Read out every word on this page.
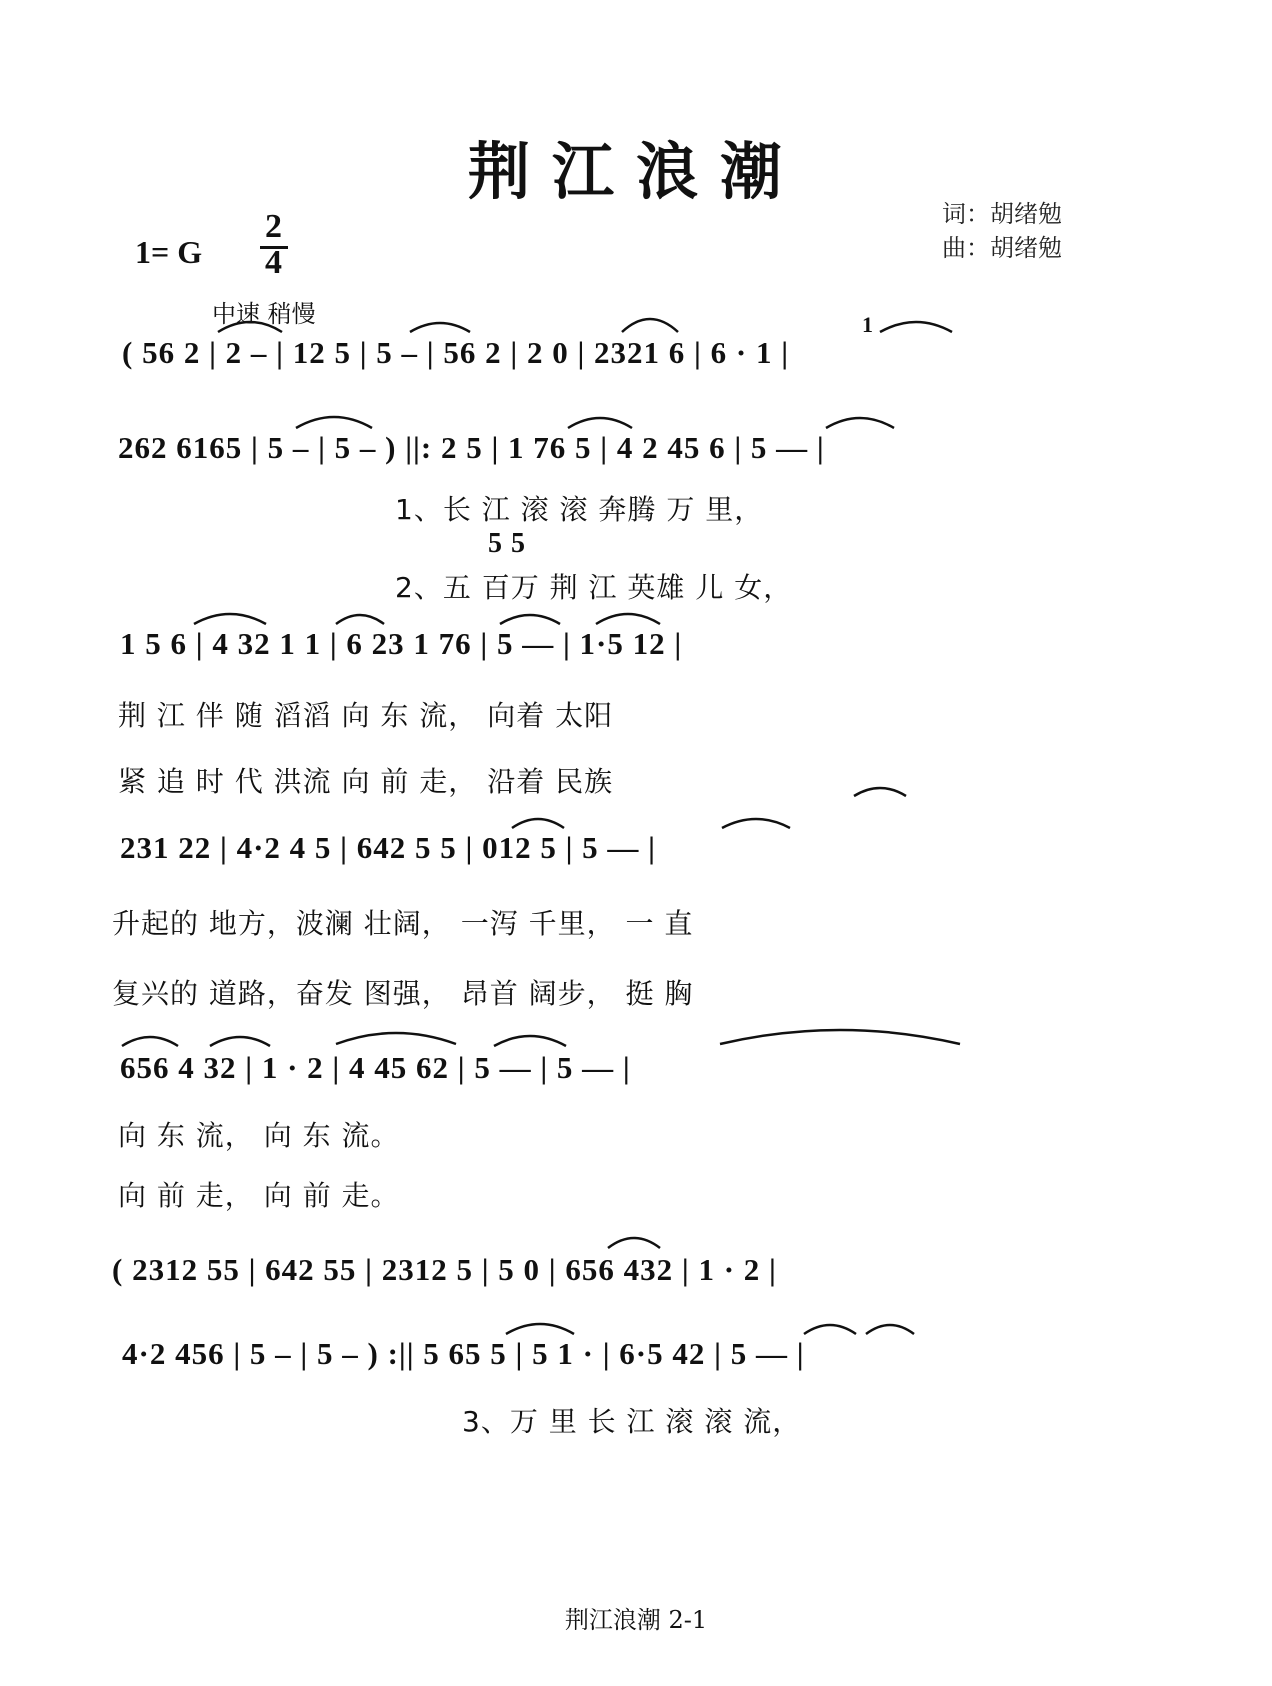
荆江浪潮
词：胡绪勉
曲：胡绪勉
1= G
2
4
中速 稍慢
( 56 2 | 2 – | 12 5 | 5 – | 56 2 | 2 0 | 2321 6 | 6 · 1 |
262 6165 | 5 – | 5 – ) ||: 2 5 | 1 76 5 | 4 2 45 6 | 5 — |
1、长 江 滚 滚 奔腾 万 里，
5 5
2、五 百万 荆 江 英雄 儿 女，
1 5 6 | 4 32 1 1 | 6 23 1 76 | 5 — | 1·5 12 |
荆 江 伴 随 滔滔 向 东 流， 向着 太阳
紧 追 时 代 洪流 向 前 走， 沿着 民族
231 22 | 4·2 4 5 | 642 5 5 | 012 5 | 5 — |
升起的 地方，波澜 壮阔， 一泻 千里， 一 直
复兴的 道路，奋发 图强， 昂首 阔步， 挺 胸
656 4 32 | 1 · 2 | 4 45 62 | 5 — | 5 — |
向 东 流， 向 东 流。
向 前 走， 向 前 走。
( 2312 55 | 642 55 | 2312 5 | 5 0 | 656 432 | 1 · 2 |
4·2 456 | 5 – | 5 – ) :|| 5 65 5 | 5 1 · | 6·5 42 | 5 — |
3、万 里 长 江 滚 滚 流，
1
荆江浪潮 2-1
